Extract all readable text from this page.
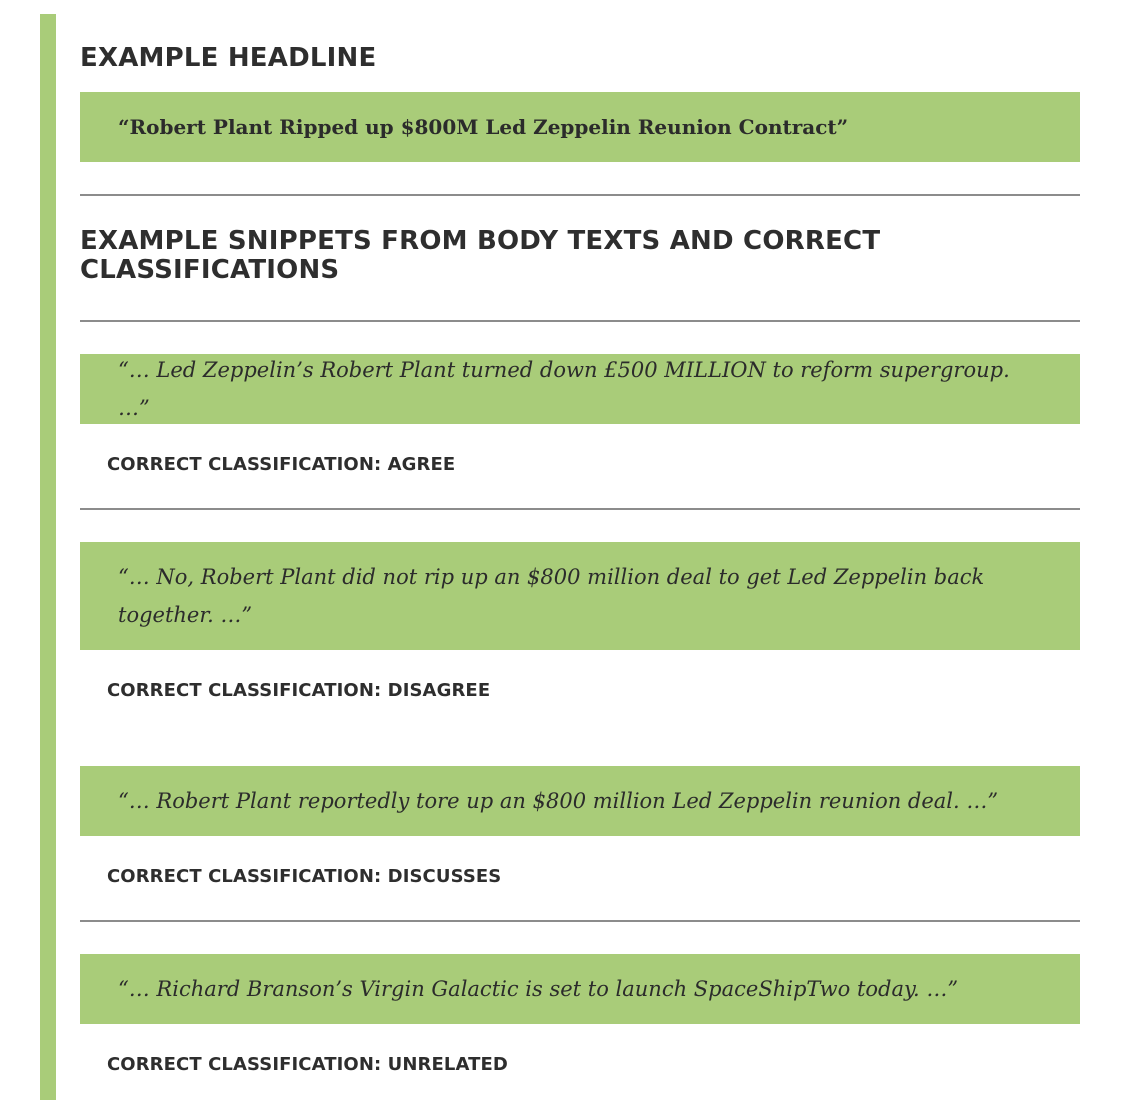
EXAMPLE HEADLINE
“Robert Plant Ripped up $800M Led Zeppelin Reunion Contract”
EXAMPLE SNIPPETS FROM BODY TEXTS AND CORRECT CLASSIFICATIONS
“… Led Zeppelin’s Robert Plant turned down £500 MILLION to reform supergroup. …”
CORRECT CLASSIFICATION: AGREE
“… No, Robert Plant did not rip up an $800 million deal to get Led Zeppelin back together. …”
CORRECT CLASSIFICATION: DISAGREE
“… Robert Plant reportedly tore up an $800 million Led Zeppelin reunion deal. …”
CORRECT CLASSIFICATION: DISCUSSES
“… Richard Branson’s Virgin Galactic is set to launch SpaceShipTwo today. …”
CORRECT CLASSIFICATION: UNRELATED
